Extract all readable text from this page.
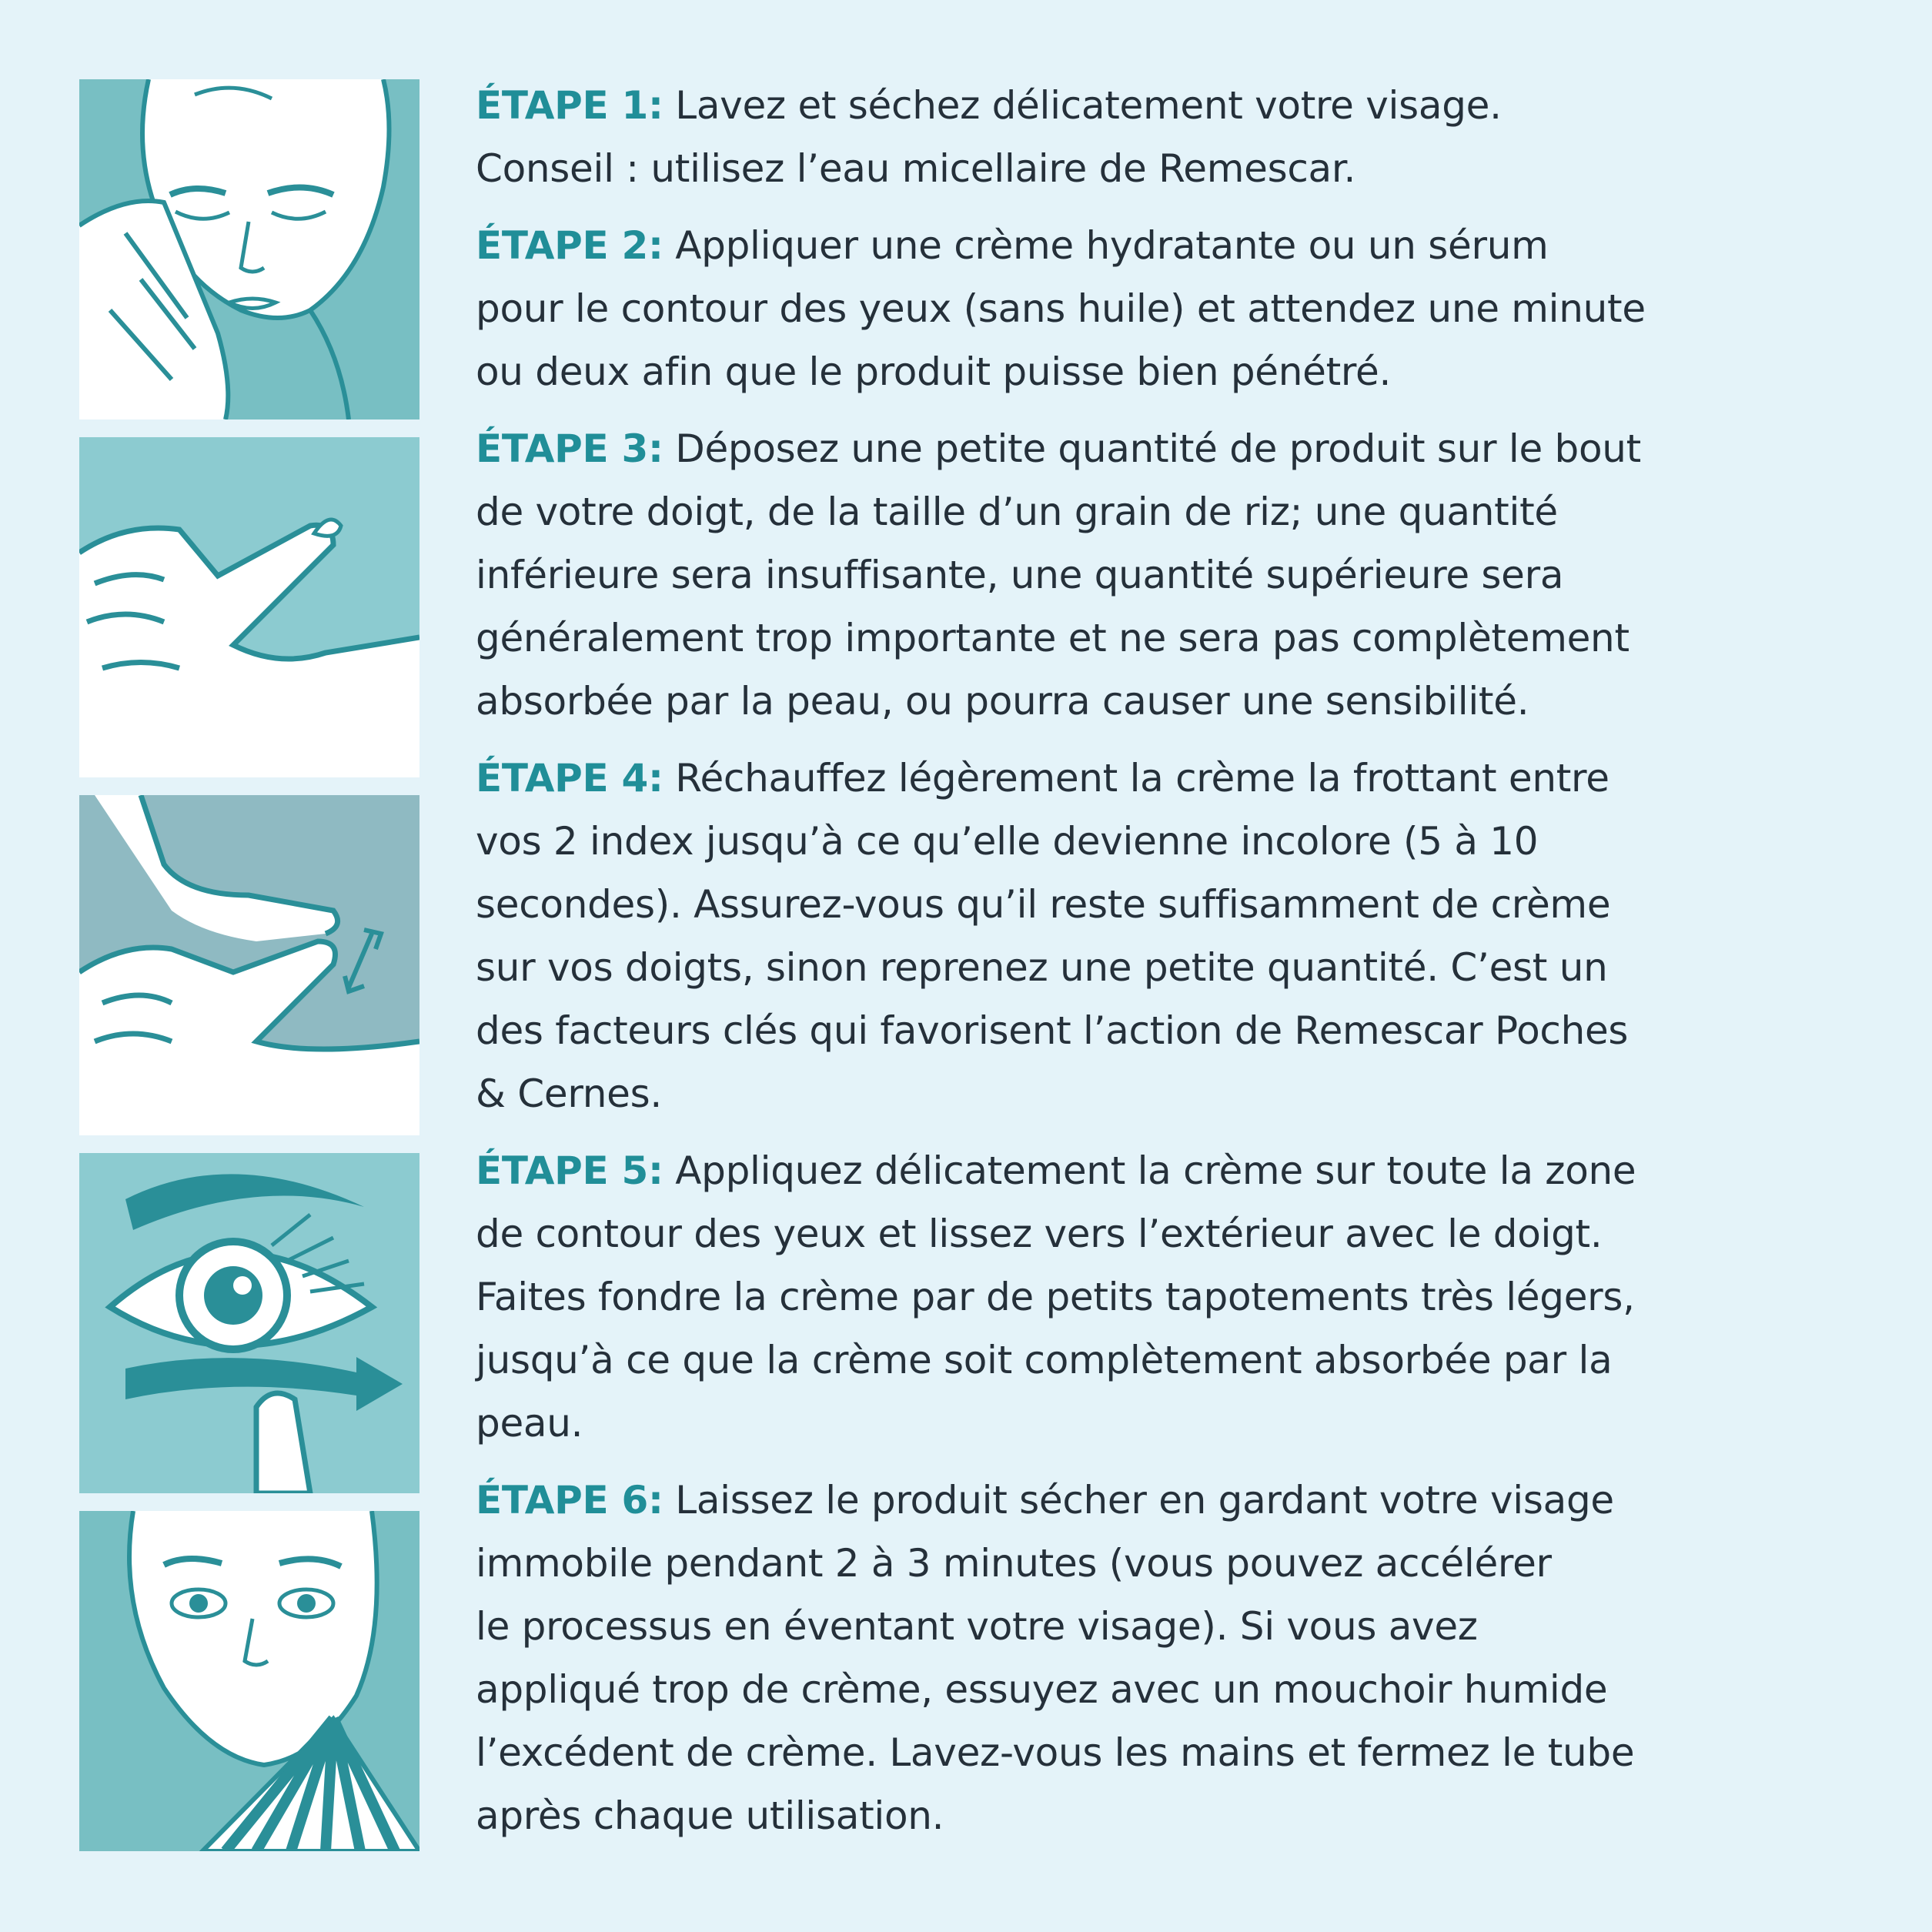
ÉTAPE 1: Lavez et séchez délicatement votre visage.
Conseil : utilisez l’eau micellaire de Remescar.
ÉTAPE 2: Appliquer une crème hydratante ou un sérum
pour le contour des yeux (sans huile) et attendez une minute
ou deux afin que le produit puisse bien pénétré.
ÉTAPE 3: Déposez une petite quantité de produit sur le bout
de votre doigt, de la taille d’un grain de riz; une quantité
inférieure sera insuffisante, une quantité supérieure sera
généralement trop importante et ne sera pas complètement
absorbée par la peau, ou pourra causer une sensibilité.
ÉTAPE 4: Réchauffez légèrement la crème la frottant entre
vos 2 index jusqu’à ce qu’elle devienne incolore (5 à 10
secondes). Assurez-vous qu’il reste suffisamment de crème
sur vos doigts, sinon reprenez une petite quantité. C’est un
des facteurs clés qui favorisent l’action de Remescar Poches
& Cernes.
ÉTAPE 5: Appliquez délicatement la crème sur toute la zone
de contour des yeux et lissez vers l’extérieur avec le doigt.
Faites fondre la crème par de petits tapotements très légers,
jusqu’à ce que la crème soit complètement absorbée par la
peau.
ÉTAPE 6: Laissez le produit sécher en gardant votre visage
immobile pendant 2 à 3 minutes (vous pouvez accélérer
le processus en éventant votre visage). Si vous avez
appliqué trop de crème, essuyez avec un mouchoir humide
l’excédent de crème. Lavez-vous les mains et fermez le tube
après chaque utilisation.
